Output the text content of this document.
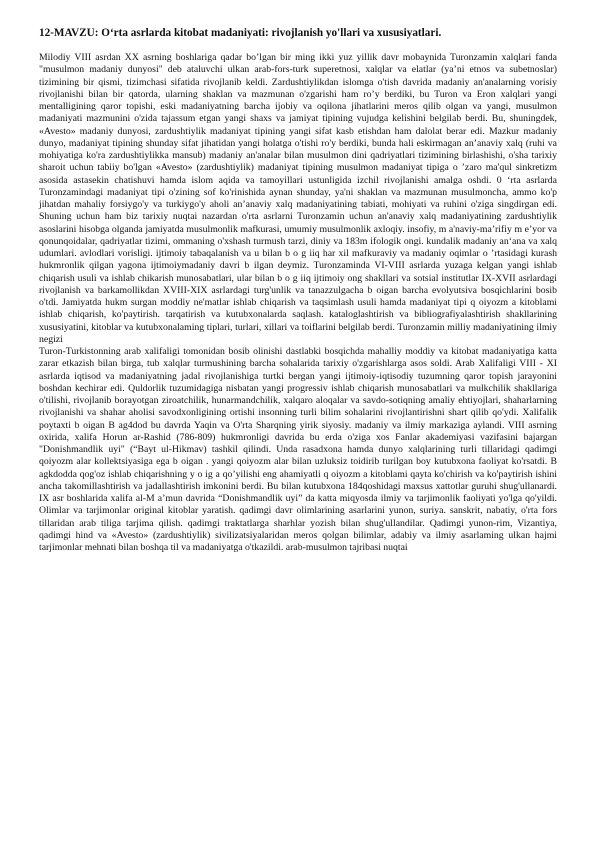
12-MAVZU: O‘rta asrlarda kitobat madaniyati: rivojlanish yo'llari va xususiyatlari.

Milodiy VIII asrdan XX asrning boshlariga qadar bo’lgan bir ming ikki yuz yillik davr mobaynida Turonzamin xalqlari fanda "musulmon madaniy dunyosi" deb ataluvchi ulkan arab-fors-turk superetnosi, xalqlar va elatlar (ya’ni etnos va subetnoslar) tizimining bir qismi, tizimchasi sifatida rivojlanib keldi. Zardushtiylikdan islomga o'tish davrida madaniy an'analarning vorisiy rivojlanishi bilan bir qatorda, ularning shaklan va mazmunan o'zgarishi ham ro’y berdiki, bu Turon va Eron xalqlari yangi mentalligining qaror topishi, eski madaniyatning barcha ijobiy va oqilona jihatlarini meros qilib olgan va yangi, musulmon madaniyati mazmunini o'zida tajassum etgan yangi shaxs va jamiyat tipining vujudga kelishini belgilab berdi. Bu, shuningdek, «Avesto» madaniy dunyosi, zardushtiylik madaniyat tipining yangi sifat kasb etishdan ham dalolat berar edi. Mazkur madaniy dunyo, madaniyat tipining shunday sifat jihatidan yangi holatga o'tishi ro'y berdiki, bunda hali eskirmagan an’anaviy xalq (ruhi va mohiyatiga ko'ra zardushtiylikka mansub) madaniy an'analar bilan musulmon dini qadriyatlari tizimining birlashishi, o'sha tarixiy sharoit uchun tabiiy bo'lgan «Avesto» (zardushtiylik) madaniyat tipining musulmon madaniyat tipiga o ’zaro ma'qul sinkretizm asosida astasekin chatishuvi hamda islom aqida va tamoyillari ustunligida izchil rivojlanishi amalga oshdi. 0 ‘rta asrlarda Turonzamindagi madaniyat tipi o'zining sof ko'rinishida aynan shunday, ya'ni shaklan va mazmunan musulmoncha, ammo ko'p jihatdan mahaliy forsiygo'y va turkiygo'y aholi an’anaviy xalq madaniyatining tabiati, mohiyati va ruhini o'ziga singdirgan edi. Shuning uchun ham biz tarixiy nuqtai nazardan o'rta asrlarni Turonzamin uchun an'anaviy xalq madaniyatining zardushtiylik asoslarini hisobga olganda jamiyatda musulmonlik mafkurasi, umumiy musulmonlik axloqiy. insofiy, m a'naviy-ma’rifiy m e’yor va qonunqoidalar, qadriyatlar tizimi, ommaning o'xshash turmush tarzi, diniy va 183m ifologik ongi. kundalik madaniy an‘ana va xalq udumlari. avlodlari vorisligi. ijtimoiy tabaqalanish va u bilan b o g iiq har xil mafkuraviy va madaniy oqimlar o ’rtasidagi kurash hukmronlik qilgan yagona ijtimoiymadaniy davri b ilgan deymiz. Turonzaminda VI-VIII asrlarda yuzaga kelgan yangi ishlab chiqarish usuli va ishlab chikarish munosabatlari, ular bilan b o g iiq ijtimoiy ong shakllari va sotsial institutlar IX-XVII asrlardagi rivojlanish va barkamollikdan XVIII-XIX asrlardagi turg'unlik va tanazzulgacha b oigan barcha evolyutsiva bosqichlarini bosib o'tdi. Jamiyatda hukm surgan moddiy ne'matlar ishlab chiqarish va taqsimlash usuli hamda madaniyat tipi q oiyozm a kitoblami ishlab chiqarish, ko'paytirish. tarqatirish va kutubxonalarda saqlash. kataloglashtirish va bibliografiyalashtirish shakllarining xususiyatini, kitoblar va kutubxonalaming tiplari, turlari, xillari va toiflarini belgilab berdi. Turonzamin milliy madaniyatining ilmiy negizi

Turon-Turkistonning arab xalifaligi tomonidan bosib olinishi dastlabki bosqichda mahalliy moddiy va kitobat madaniyatiga katta zarar etkazish bilan birga, tub xalqlar turmushining barcha sohalarida tarixiy o'zgarishlarga asos soldi. Arab Xalifaligi VIII - XI asrlarda iqtisod va madaniyatning jadal rivojlanishiga turtki bergan yangi ijtimoiy-iqtisodiy tuzumning qaror topish jarayonini boshdan kechirar edi. Quldorlik tuzumidagiga nisbatan yangi progressiv ishlab chiqarish munosabatlari va mulkchilik shakllariga o'tilishi, rivojlanib borayotgan ziroatchilik, hunarmandchilik, xalqaro aloqalar va savdo-sotiqning amaliy ehtiyojlari, shaharlarning rivojlanishi va shahar aholisi savodxonligining ortishi insonning turli bilim sohalarini rivojlantirishni shart qilib qo'ydi. Xalifalik poytaxti b oigan B ag4dod bu davrda Yaqin va O'rta Sharqning yirik siyosiy. madaniy va ilmiy markaziga aylandi. VIII asrning oxirida, xalifa Horun ar-Rashid (786-809) hukmronligi davrida bu erda o'ziga xos Fanlar akademiyasi vazifasini bajargan "Donishmandlik uyi" (“Bayt ul-Hikmav) tashkil qilindi. Unda rasadxona hamda dunyo xalqlarining turli tillaridagi qadimgi qoiyozm alar kollektsiyasiga ega b oigan . yangi qoiyozm alar bilan uzluksiz toidirib turilgan boy kutubxona faoliyat ko'rsatdi. B agkdodda qog'oz ishlab chiqarishning y o ig a qo’yilishi eng ahamiyatli q oiyozm a kitoblami qayta ko'chirish va ko'paytirish ishini ancha takomillashtirish va jadallashtirish imkonini berdi. Bu bilan kutubxona 184qoshidagi maxsus xattotlar guruhi shug'ullanardi. IX asr boshlarida xalifa al-M a’mun davrida “Donishmandlik uyi” da katta miqyosda ilmiy va tarjimonlik faoliyati yo'lga qo'yildi. Olimlar va tarjimonlar original kitoblar yaratish. qadimgi davr olimlarining asarlarini yunon, suriya. sanskrit, nabatiy, o'rta fors tillaridan arab tiliga tarjima qilish. qadimgi traktatlarga sharhlar yozish bilan shug'ullandilar. Qadimgi yunon-rim, Vizantiya, qadimgi hind va «Avesto» (zardushtiylik) sivilizatsiyalaridan meros qolgan bilimlar, adabiy va ilmiy asarlaming ulkan hajmi tarjimonlar mehnati bilan boshqa til va madaniyatga o'tkazildi. arab-musulmon tajribasi nuqtai
